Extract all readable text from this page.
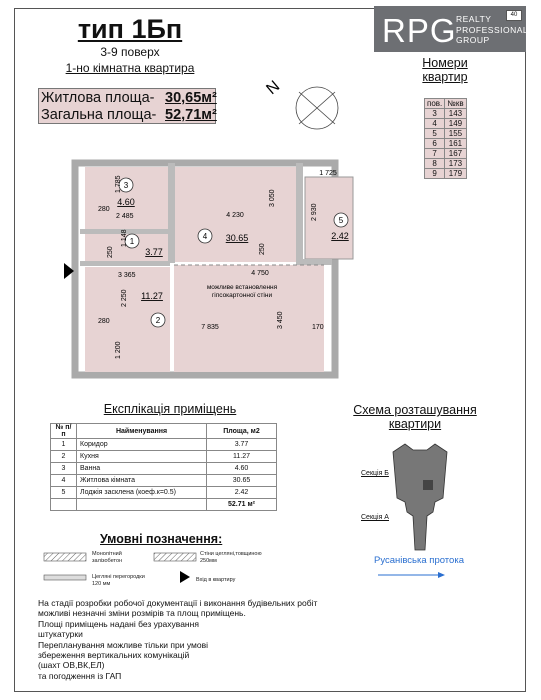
тип 1Бп
3-9 поверх
1-но кімнатна квартира
Житлова площа- 30,65м²
Загальна площа- 52,71м²
RPG REALTY
PROFESSIONAL
GROUP
40
Номери
квартир
пов.	№кв
3	143
4	149
5	155
6	161
7	167
8	173
9	179
N
3
1
2
4
5
4.60
3.77
11.27
30.65	2.42
1 785
280
2 485
1 148
250
3 365
2 250
280
1 200
4 230
3 050
250
4 750
7 835	3 450	170
1 725
2 930
можливе встановлення
гіпсокартонної стіни
Експлікація приміщень
№ п/п	Найменування	Площа, м2
1	Коридор	3.77
2	Кухня	11.27
3	Ванна	4.60
4	Житлова кімната	30.65
5	Лоджія засклена (коеф.к=0.5)	2.42
		52.71 м²
Схема розташування
квартири
Секція Б
Секція А
Русанівська протока
Умовні позначення:
Монолітний
залізобетон
Стіни цегляні,товщиною
250мм
Цегляні перегородки
120 мм
Вхід в квартиру
На стадії розробки робочої документації і виконання будівельних робіт
можливі незначні зміни розмірів та площ приміщень.
Площі приміщень надані без урахування
штукатурки
Перепланування можливе тільки при умові
збереження вертикальних комунікацій
(шахт ОВ,ВК,ЕЛ)
та погодження із ГАП
